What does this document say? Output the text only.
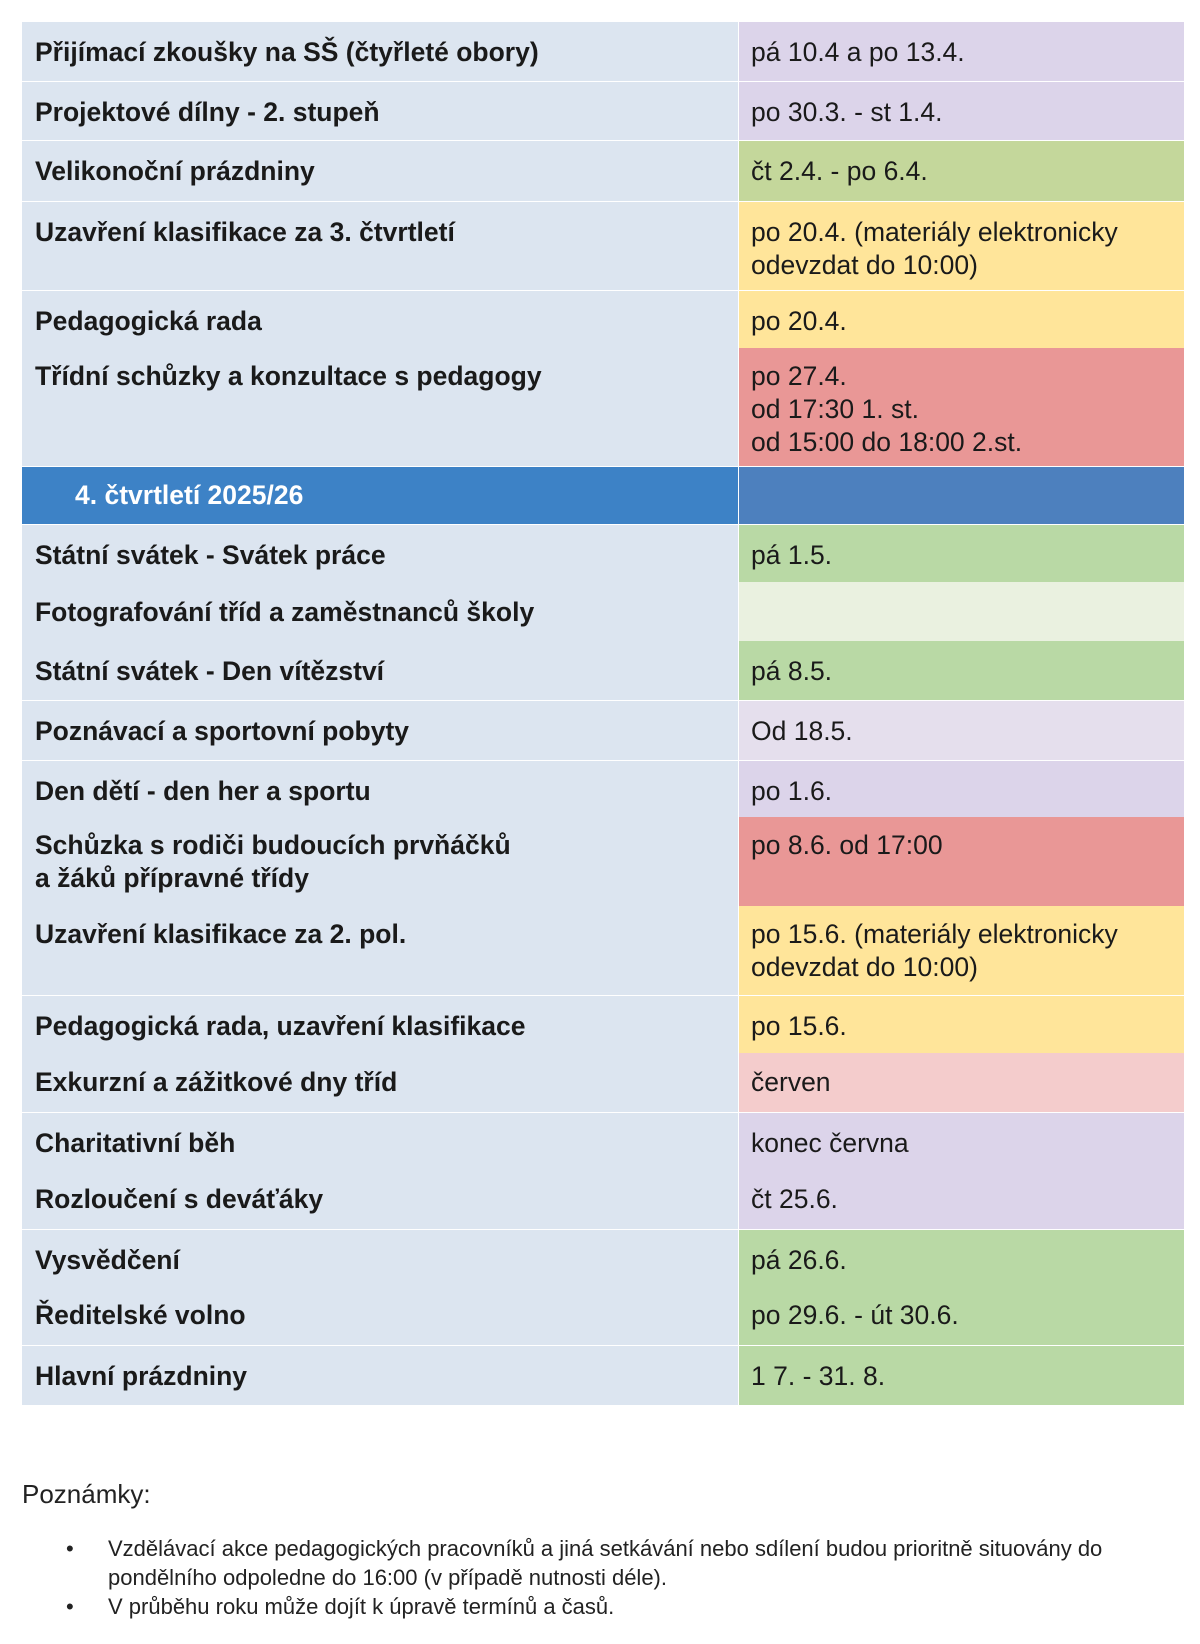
Přijímací zkoušky na SŠ (čtyřleté obory)	pá 10.4 a po 13.4.
Projektové dílny - 2. stupeň	po 30.3. - st 1.4.
Velikonoční prázdniny	čt 2.4. - po 6.4.
Uzavření klasifikace za 3. čtvrtletí	po 20.4. (materiály elektronicky
odevzdat do 10:00)
Pedagogická rada	po 20.4.
Třídní schůzky a konzultace s pedagogy	po 27.4.
od 17:30 1. st.
od 15:00 do 18:00 2.st.
4. čtvrtletí 2025/26	
Státní svátek - Svátek práce	pá 1.5.
Fotografování tříd a zaměstnanců školy	
Státní svátek - Den vítězství	pá 8.5.
Poznávací a sportovní pobyty	Od 18.5.
Den dětí - den her a sportu	po 1.6.
Schůzka s rodiči budoucích prvňáčků
a žáků přípravné třídy	po 8.6. od 17:00
Uzavření klasifikace za 2. pol.	po 15.6. (materiály elektronicky
odevzdat do 10:00)
Pedagogická rada, uzavření klasifikace	po 15.6.
Exkurzní a zážitkové dny tříd	červen
Charitativní běh	konec června
Rozloučení s deváťáky	čt 25.6.
Vysvědčení	pá 26.6.
Ředitelské volno	po 29.6. - út 30.6.
Hlavní prázdniny	1 7. - 31. 8.
Poznámky:
• Vzdělávací akce pedagogických pracovníků a jiná setkávání nebo sdílení budou prioritně situovány do pondělního odpoledne do 16:00 (v případě nutnosti déle).
• V průběhu roku může dojít k úpravě termínů a časů.
